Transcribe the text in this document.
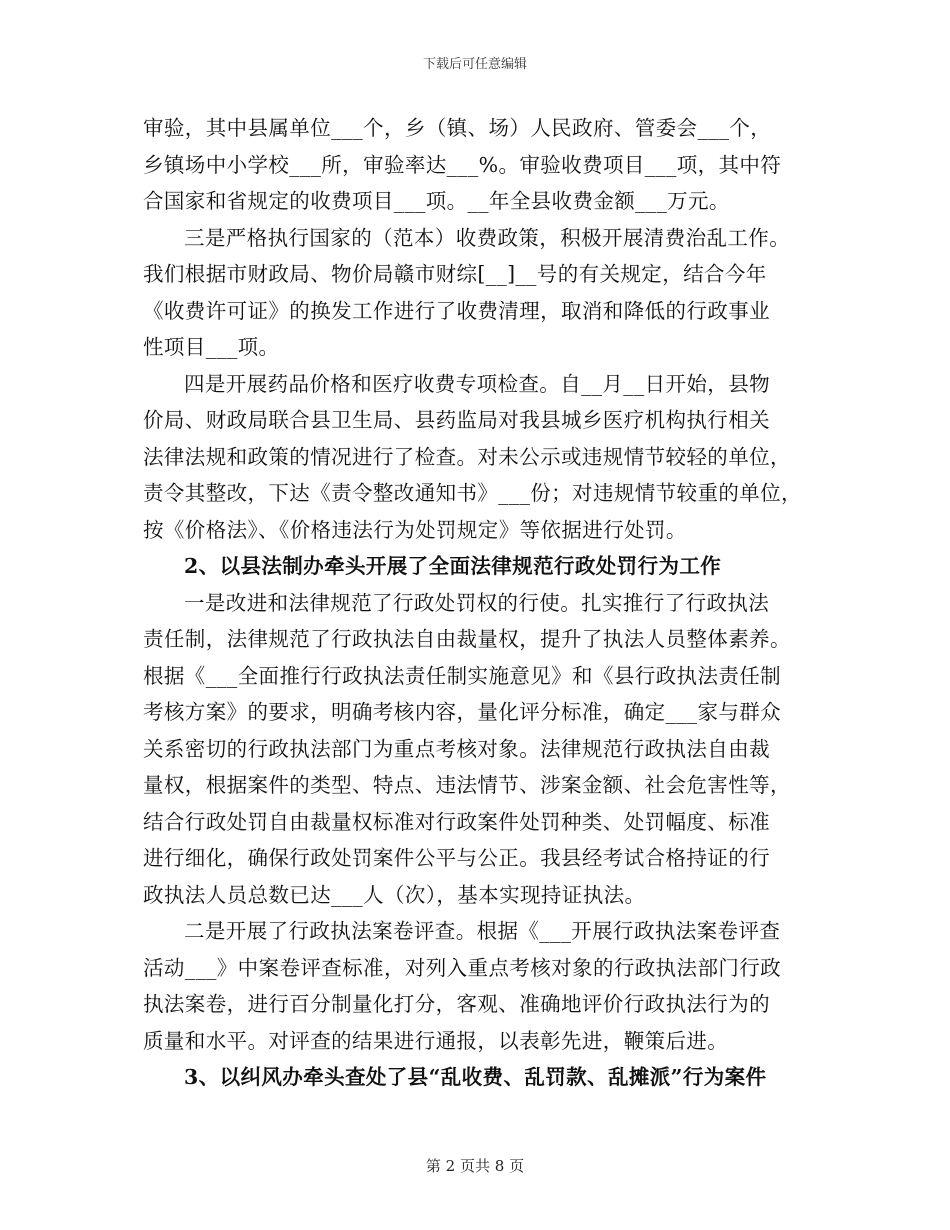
下载后可任意编辑
审验，其中县属单位___个，乡（镇、场）人民政府、管委会___个，
乡镇场中小学校___所，审验率达___%。审验收费项目___项，其中符
合国家和省规定的收费项目___项。__年全县收费金额___万元。
三是严格执行国家的（范本）收费政策，积极开展清费治乱工作。
我们根据市财政局、物价局赣市财综[__]__号的有关规定，结合今年
《收费许可证》的换发工作进行了收费清理，取消和降低的行政事业
性项目___项。
四是开展药品价格和医疗收费专项检查。自__月__日开始，县物
价局、财政局联合县卫生局、县药监局对我县城乡医疗机构执行相关
法律法规和政策的情况进行了检查。对未公示或违规情节较轻的单位，
责令其整改，下达《责令整改通知书》___份；对违规情节较重的单位，
按《价格法》、《价格违法行为处罚规定》等依据进行处罚。
2、以县法制办牵头开展了全面法律规范行政处罚行为工作
一是改进和法律规范了行政处罚权的行使。扎实推行了行政执法
责任制，法律规范了行政执法自由裁量权，提升了执法人员整体素养。
根据《___全面推行行政执法责任制实施意见》和《县行政执法责任制
考核方案》的要求，明确考核内容，量化评分标准，确定___家与群众
关系密切的行政执法部门为重点考核对象。法律规范行政执法自由裁
量权，根据案件的类型、特点、违法情节、涉案金额、社会危害性等，
结合行政处罚自由裁量权标准对行政案件处罚种类、处罚幅度、标准
进行细化，确保行政处罚案件公平与公正。我县经考试合格持证的行
政执法人员总数已达___人（次），基本实现持证执法。
二是开展了行政执法案卷评查。根据《___开展行政执法案卷评查
活动___》中案卷评查标准，对列入重点考核对象的行政执法部门行政
执法案卷，进行百分制量化打分，客观、准确地评价行政执法行为的
质量和水平。对评查的结果进行通报，以表彰先进，鞭策后进。
3、以纠风办牵头查处了县“乱收费、乱罚款、乱摊派”行为案件
第 2 页共 8 页
